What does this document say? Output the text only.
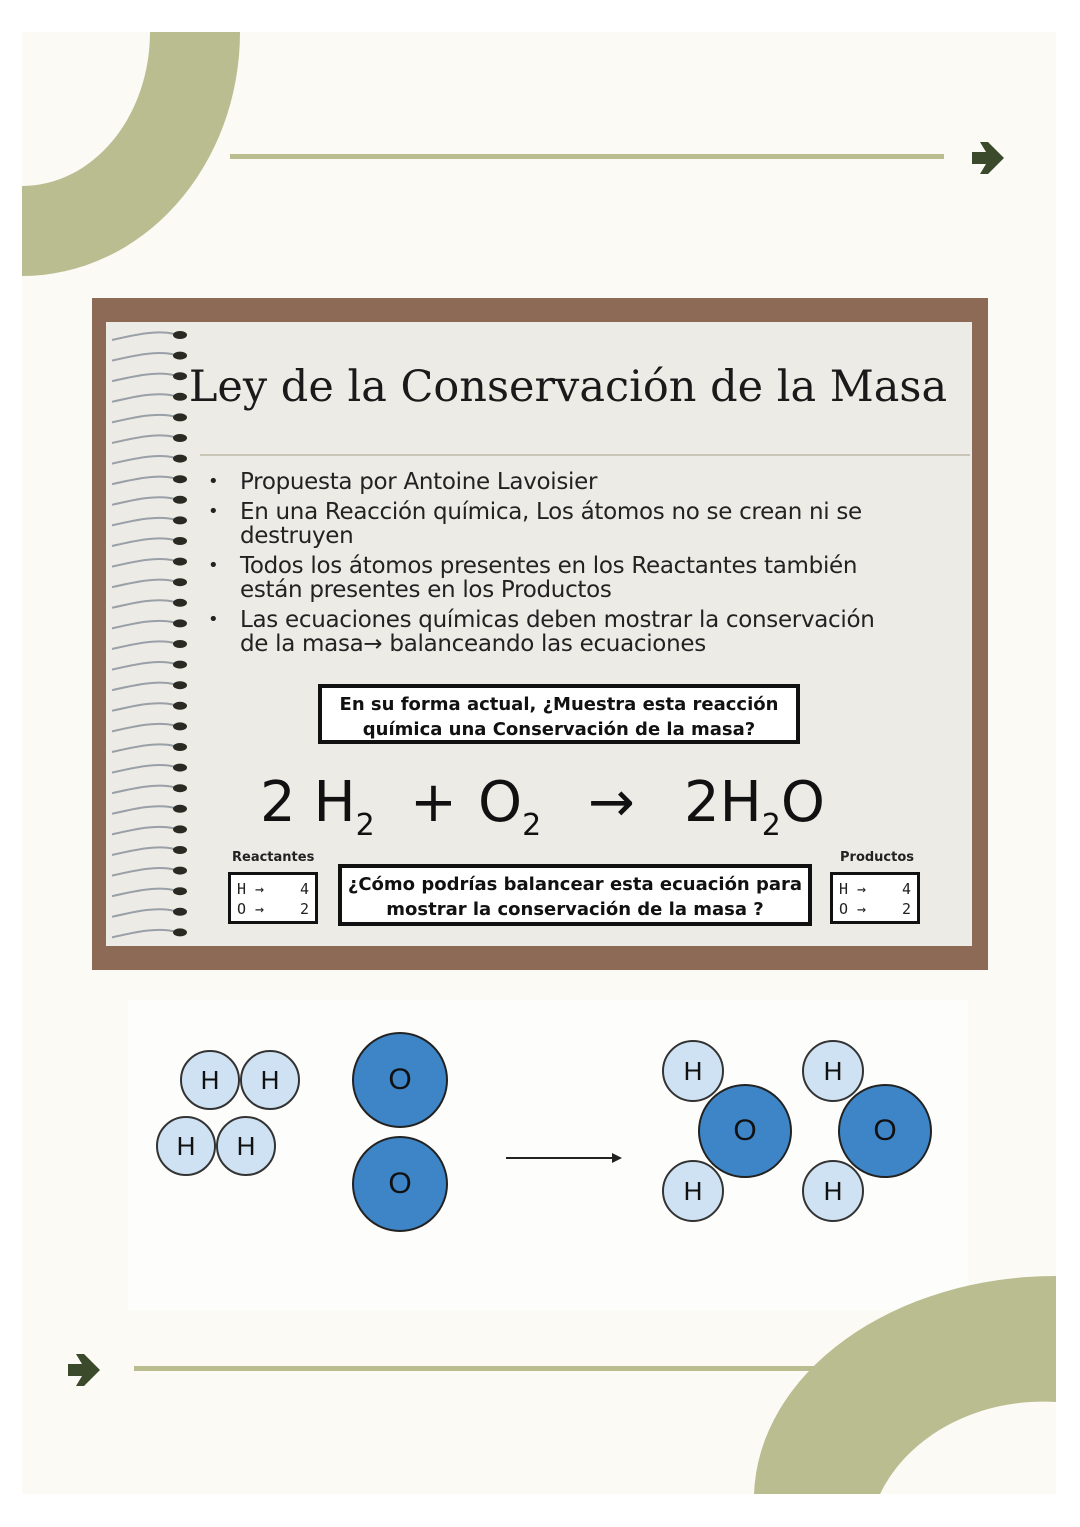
Ley de la Conservación de la Masa
• Propuesta por Antoine Lavoisier
• En una Reacción química, Los átomos no se crean ni se destruyen
• Todos los átomos presentes en los Reactantes también están presentes en los Productos
• Las ecuaciones químicas deben mostrar la conservación de la masa→ balanceando las ecuaciones
En su forma actual, ¿Muestra esta reacción química una Conservación de la masa?
2 $H_2 + O_2 \to 2H_2O$
Reactantes	Productos
H → 4
O → 2
H → 4
O → 2
¿Cómo podrías balancear esta ecuación para mostrar la conservación de la masa ?
H	H
H	H
O
O
O
H
H
O
H
H
